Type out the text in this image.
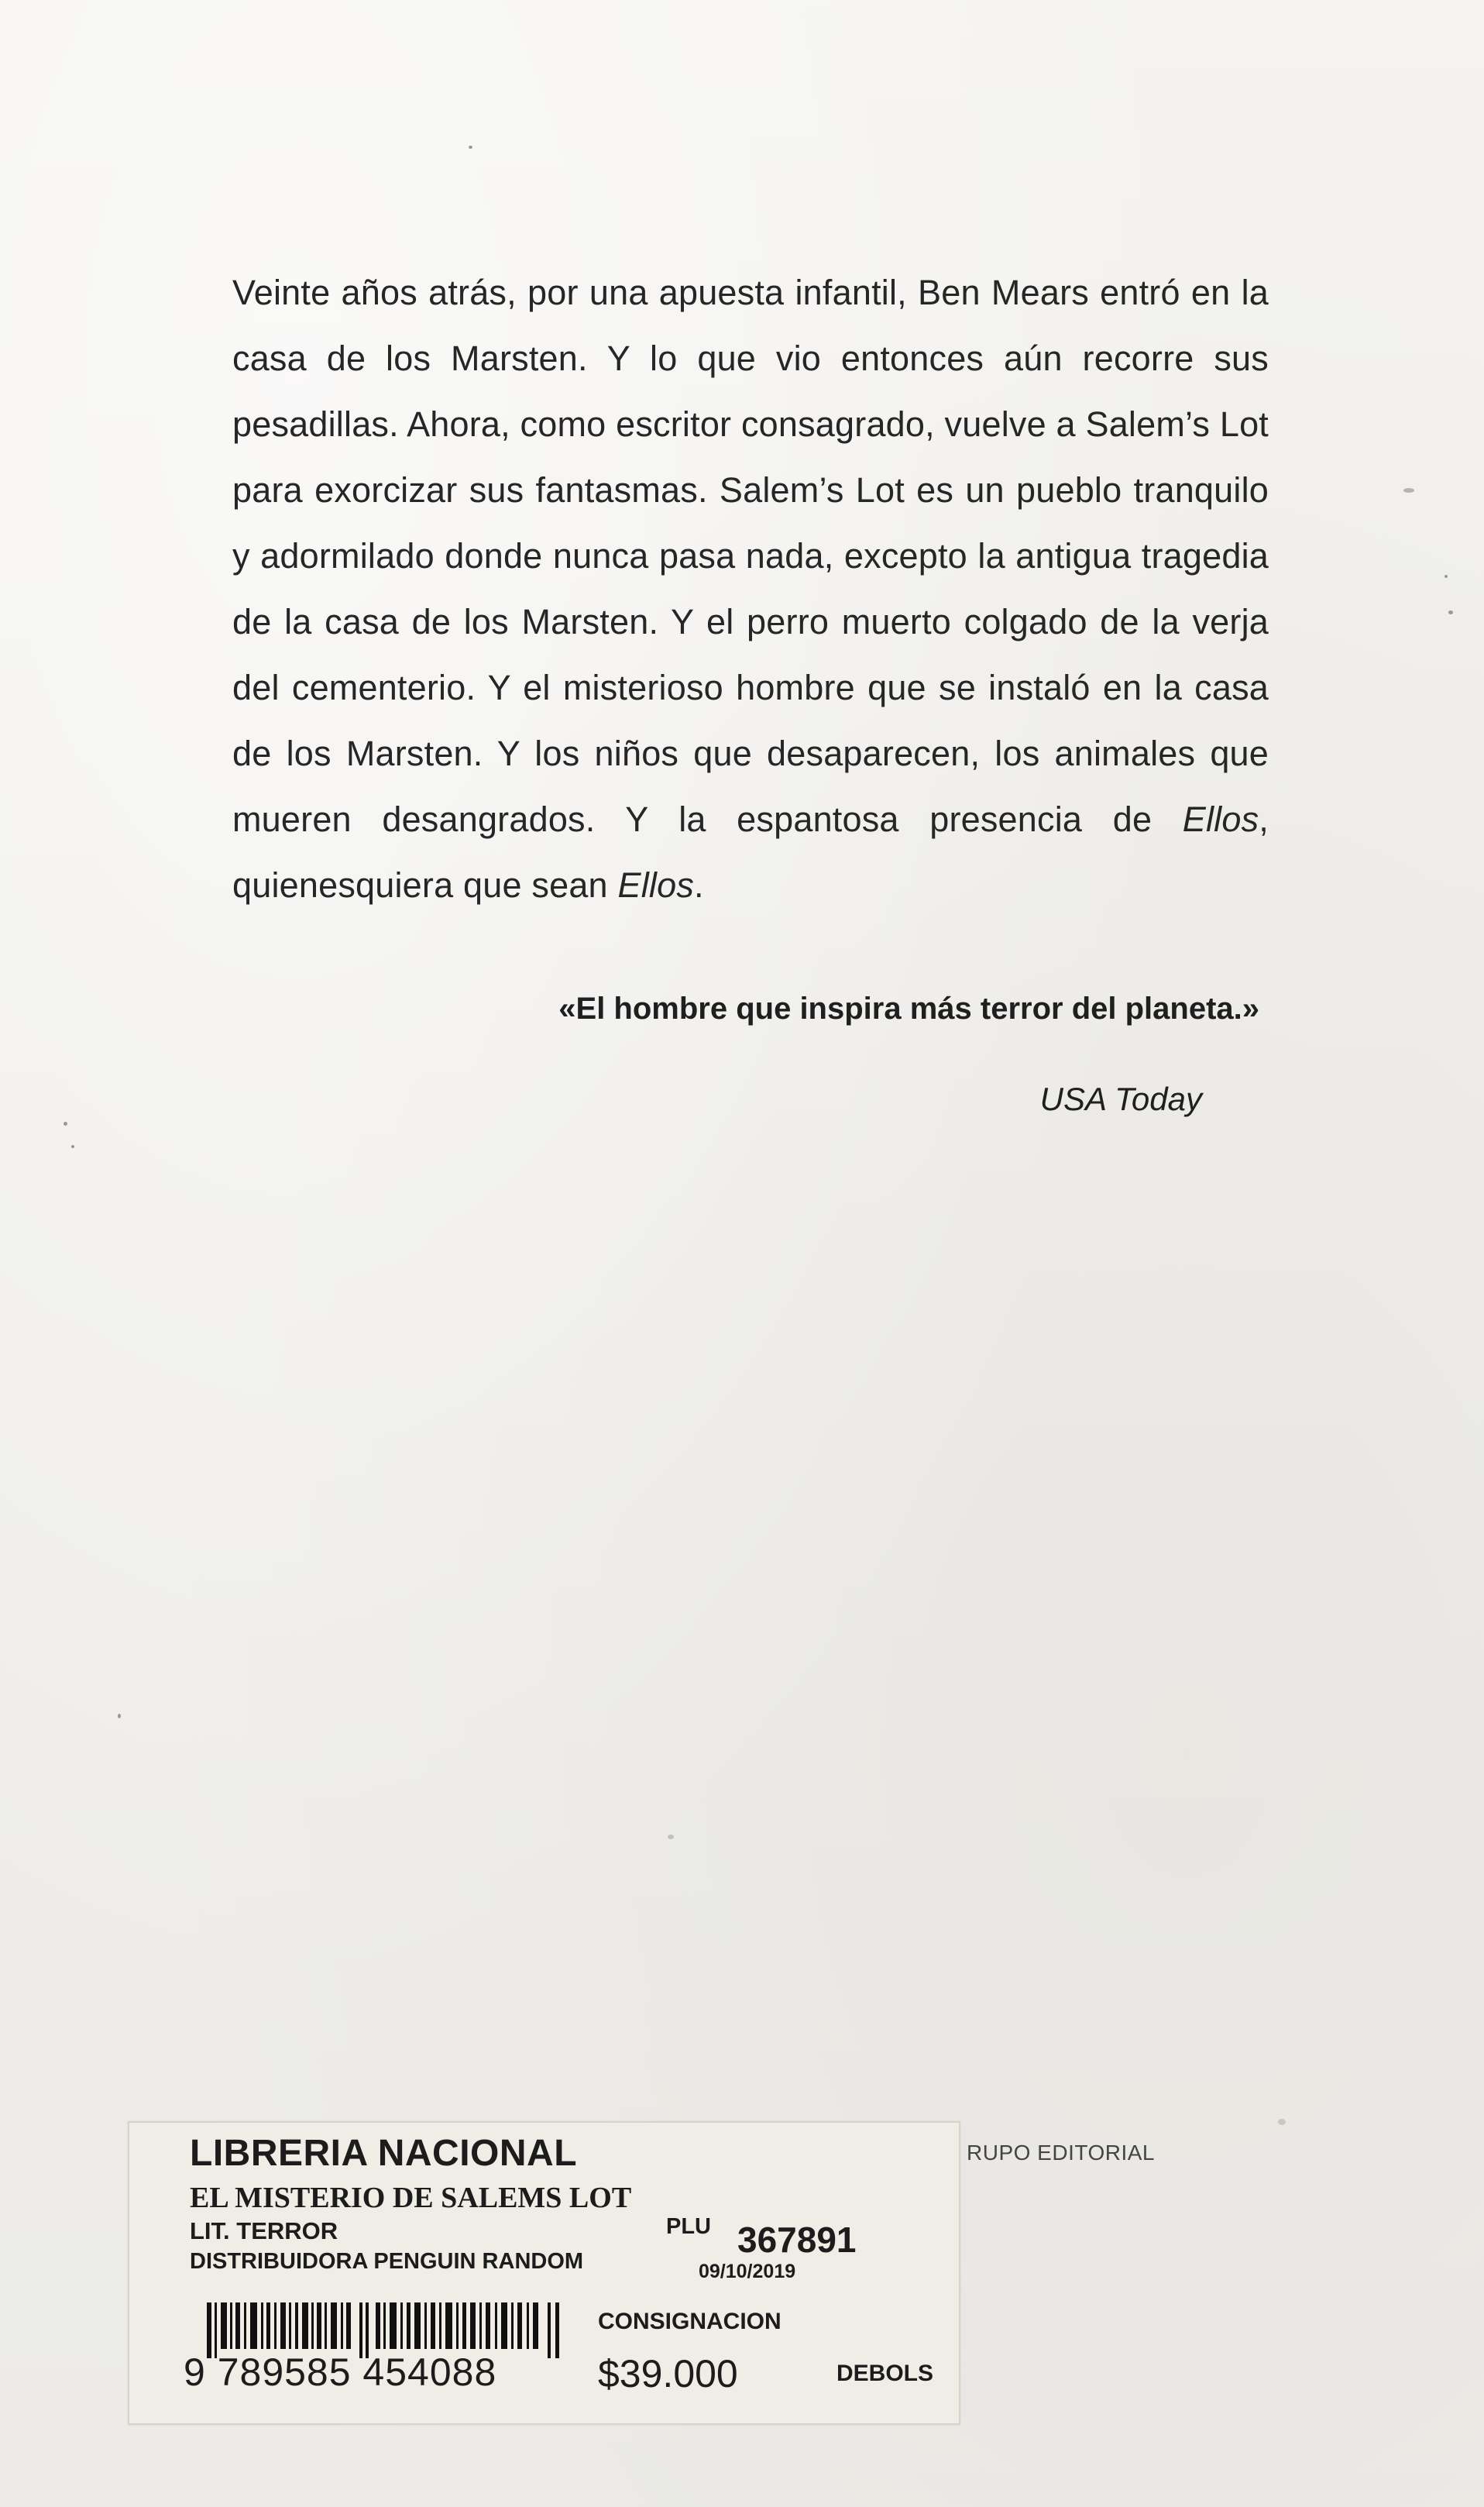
Veinte años atrás, por una apuesta infantil, Ben Mears entró en la casa de los Marsten. Y lo que vio entonces aún recorre sus pesadillas. Ahora, como escritor consagrado, vuelve a Salem’s Lot para exorcizar sus fantasmas. Salem’s Lot es un pueblo tranquilo y adormilado donde nunca pasa nada, excepto la antigua tragedia de la casa de los Marsten. Y el perro muerto colgado de la verja del cementerio. Y el misterioso hombre que se instaló en la casa de los Marsten. Y los niños que desaparecen, los animales que mueren desangrados. Y la espantosa presencia de Ellos, quienesquiera que sean Ellos.

«El hombre que inspira más terror del planeta.»

USA Today

RUPO EDITORIAL
LIBRERIA NACIONAL
EL MISTERIO DE SALEMS LOT
LIT. TERROR
DISTRIBUIDORA PENGUIN RANDOM
PLU 367891
09/10/2019
9 789585 454088
CONSIGNACION
$39.000	DEBOLS
